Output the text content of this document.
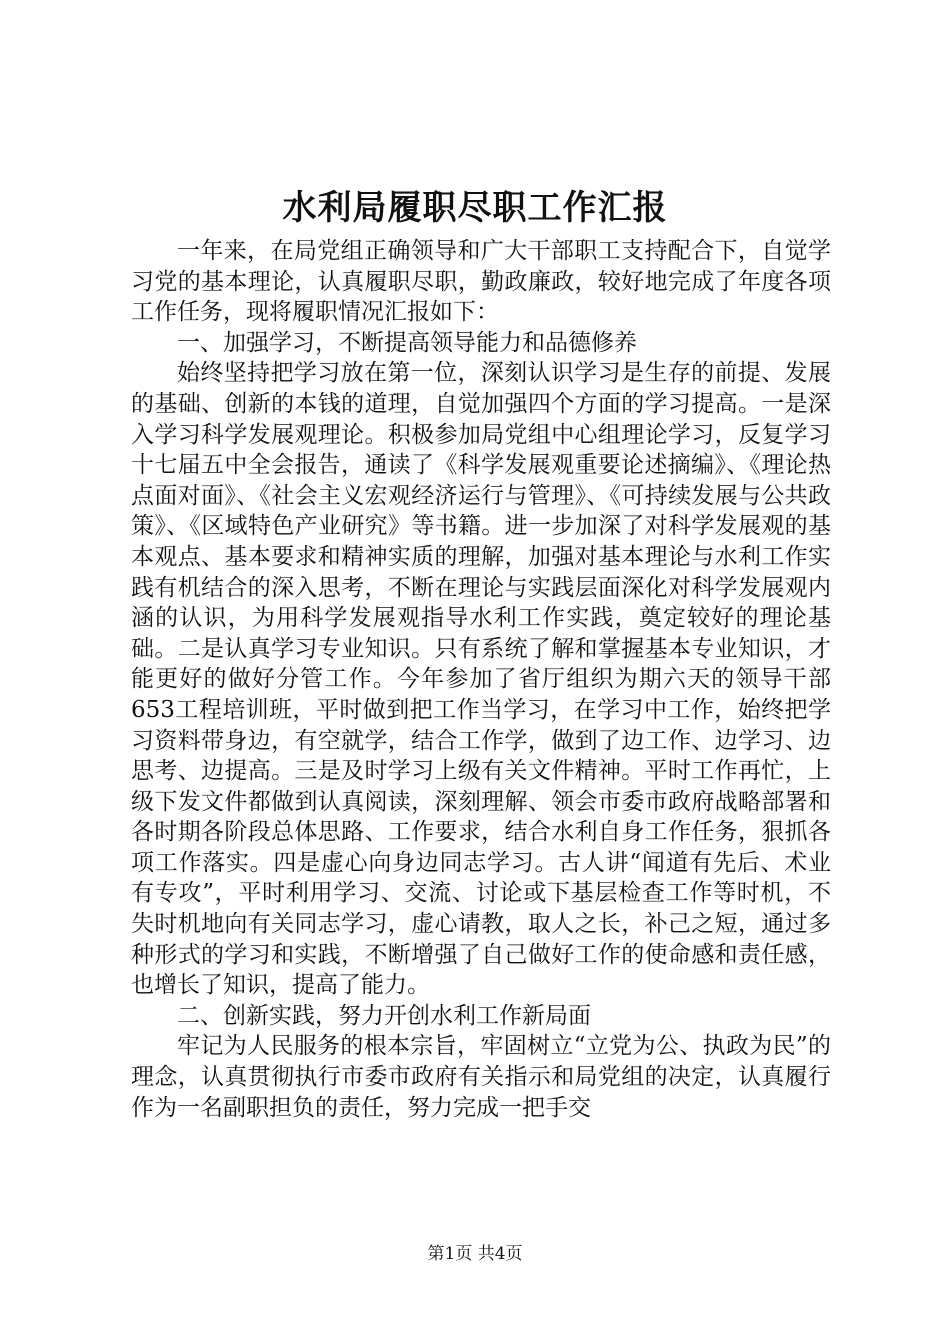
水利局履职尽职工作汇报

一年来，在局党组正确领导和广大干部职工支持配合下，自觉学习党的基本理论，认真履职尽职，勤政廉政，较好地完成了年度各项工作任务，现将履职情况汇报如下：

一、加强学习，不断提高领导能力和品德修养

始终坚持把学习放在第一位，深刻认识学习是生存的前提、发展的基础、创新的本钱的道理，自觉加强四个方面的学习提高。一是深入学习科学发展观理论。积极参加局党组中心组理论学习，反复学习十七届五中全会报告，通读了《科学发展观重要论述摘编》、《理论热点面对面》、《社会主义宏观经济运行与管理》、《可持续发展与公共政策》、《区域特色产业研究》等书籍。进一步加深了对科学发展观的基本观点、基本要求和精神实质的理解，加强对基本理论与水利工作实践有机结合的深入思考，不断在理论与实践层面深化对科学发展观内涵的认识，为用科学发展观指导水利工作实践，奠定较好的理论基础。二是认真学习专业知识。只有系统了解和掌握基本专业知识，才能更好的做好分管工作。今年参加了省厅组织为期六天的领导干部653工程培训班，平时做到把工作当学习，在学习中工作，始终把学习资料带身边，有空就学，结合工作学，做到了边工作、边学习、边思考、边提高。三是及时学习上级有关文件精神。平时工作再忙，上级下发文件都做到认真阅读，深刻理解、领会市委市政府战略部署和各时期各阶段总体思路、工作要求，结合水利自身工作任务，狠抓各项工作落实。四是虚心向身边同志学习。古人讲“闻道有先后、术业有专攻”，平时利用学习、交流、讨论或下基层检查工作等时机，不失时机地向有关同志学习，虚心请教，取人之长，补己之短，通过多种形式的学习和实践，不断增强了自己做好工作的使命感和责任感，也增长了知识，提高了能力。

二、创新实践，努力开创水利工作新局面

牢记为人民服务的根本宗旨，牢固树立“立党为公、执政为民”的理念，认真贯彻执行市委市政府有关指示和局党组的决定，认真履行作为一名副职担负的责任，努力完成一把手交

第1页 共4页
